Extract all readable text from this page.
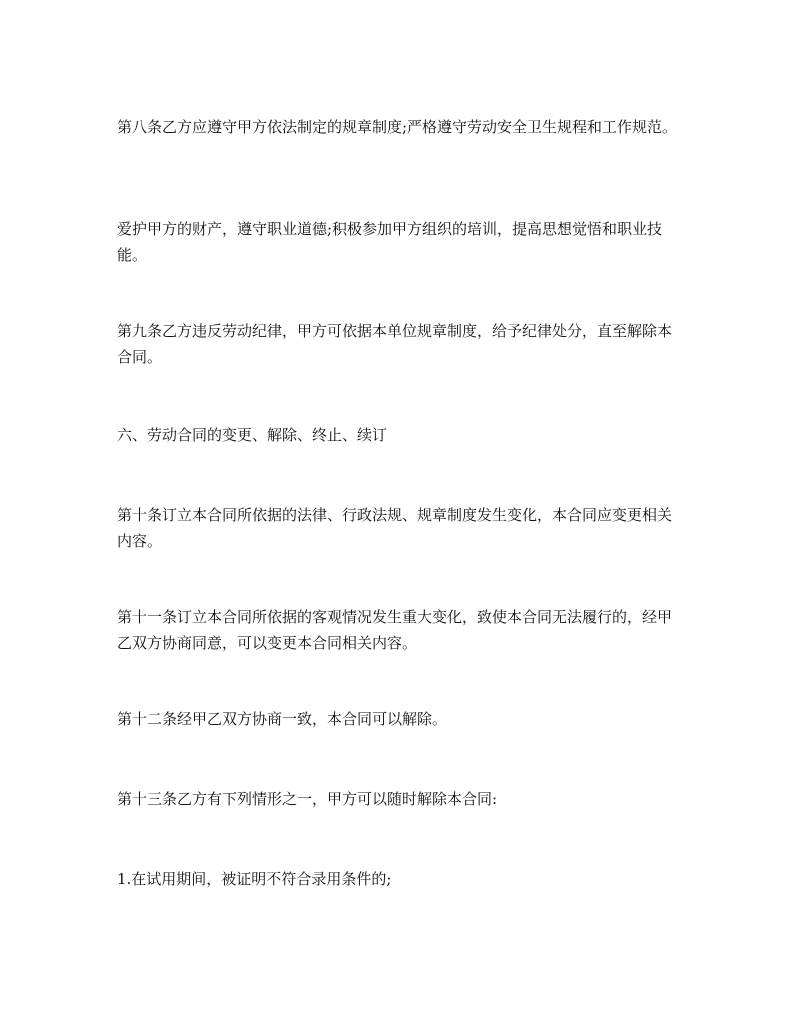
第八条乙方应遵守甲方依法制定的规章制度;严格遵守劳动安全卫生规程和工作规范。

爱护甲方的财产，遵守职业道德;积极参加甲方组织的培训，提高思想觉悟和职业技能。

第九条乙方违反劳动纪律，甲方可依据本单位规章制度，给予纪律处分，直至解除本合同。

六、劳动合同的变更、解除、终止、续订

第十条订立本合同所依据的法律、行政法规、规章制度发生变化，本合同应变更相关内容。

第十一条订立本合同所依据的客观情况发生重大变化，致使本合同无法履行的，经甲乙双方协商同意，可以变更本合同相关内容。

第十二条经甲乙双方协商一致，本合同可以解除。

第十三条乙方有下列情形之一，甲方可以随时解除本合同:

1.在试用期间，被证明不符合录用条件的;
